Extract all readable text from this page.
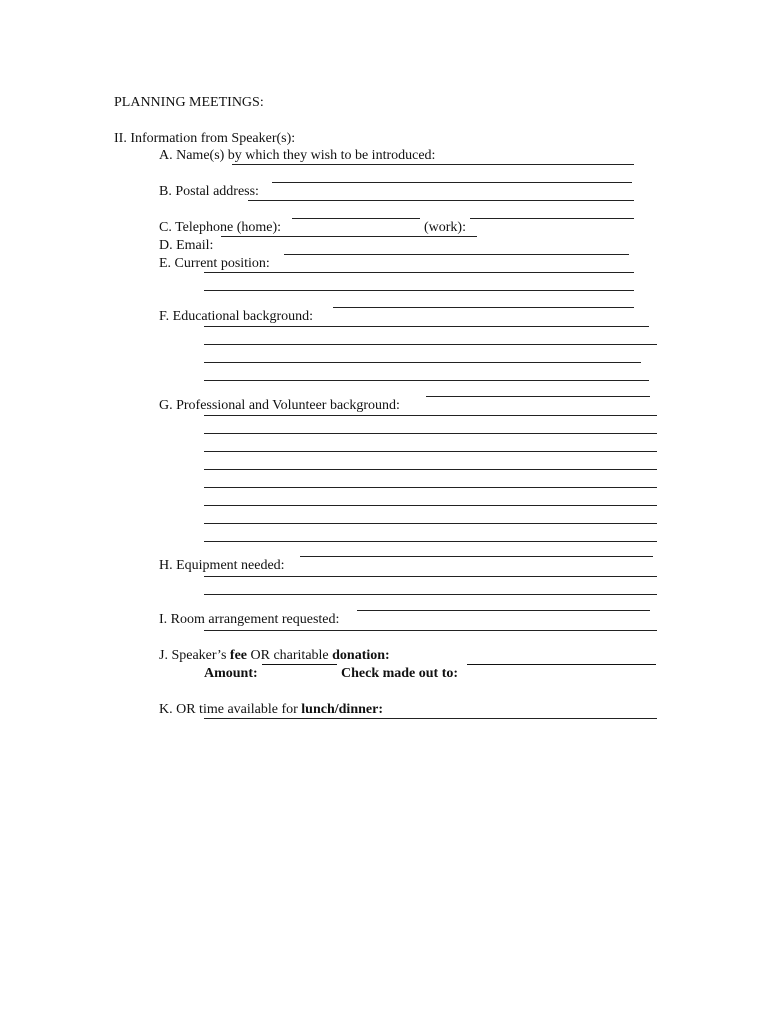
PLANNING MEETINGS:
II. Information from Speaker(s):
A. Name(s) by which they wish to be introduced:
B. Postal address:
C. Telephone (home):	(work):
D. Email:
E. Current position:
F. Educational background:
G. Professional and Volunteer background:
H. Equipment needed:
I. Room arrangement requested:
J. Speaker’s fee OR charitable donation:
Amount:	Check made out to:
K. OR time available for lunch/dinner:
